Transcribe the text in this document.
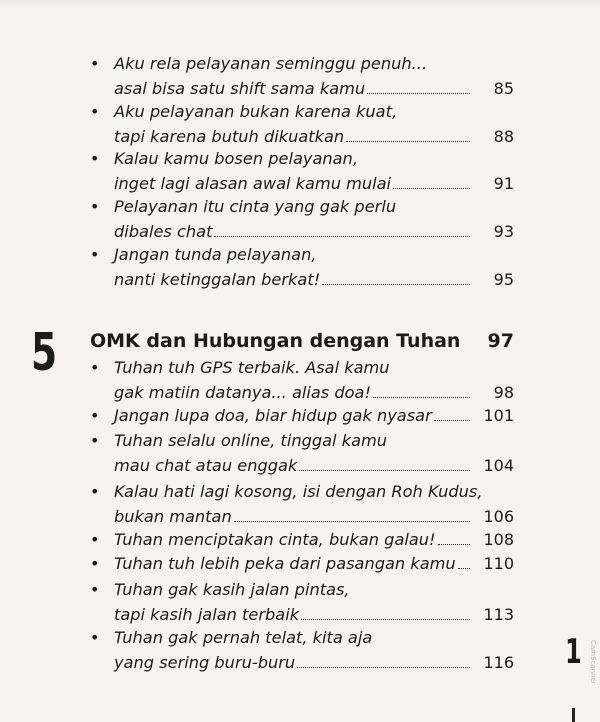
• Aku rela pelayanan seminggu penuh...
asal bisa satu shift sama kamu	85
• Aku pelayanan bukan karena kuat,
tapi karena butuh dikuatkan	88
• Kalau kamu bosen pelayanan,
inget lagi alasan awal kamu mulai	91
• Pelayanan itu cinta yang gak perlu
dibales chat	93
• Jangan tunda pelayanan,
nanti ketinggalan berkat!	95
5 OMK dan Hubungan dengan Tuhan 97
• Tuhan tuh GPS terbaik. Asal kamu
gak matiin datanya... alias doa!	98
• Jangan lupa doa, biar hidup gak nyasar	101
• Tuhan selalu online, tinggal kamu
mau chat atau enggak	104
• Kalau hati lagi kosong, isi dengan Roh Kudus,
bukan mantan	106
• Tuhan menciptakan cinta, bukan galau!	108
• Tuhan tuh lebih peka dari pasangan kamu	110
• Tuhan gak kasih jalan pintas,
tapi kasih jalan terbaik	113
• Tuhan gak pernah telat, kita aja
yang sering buru-buru	116 1 CamScanner
